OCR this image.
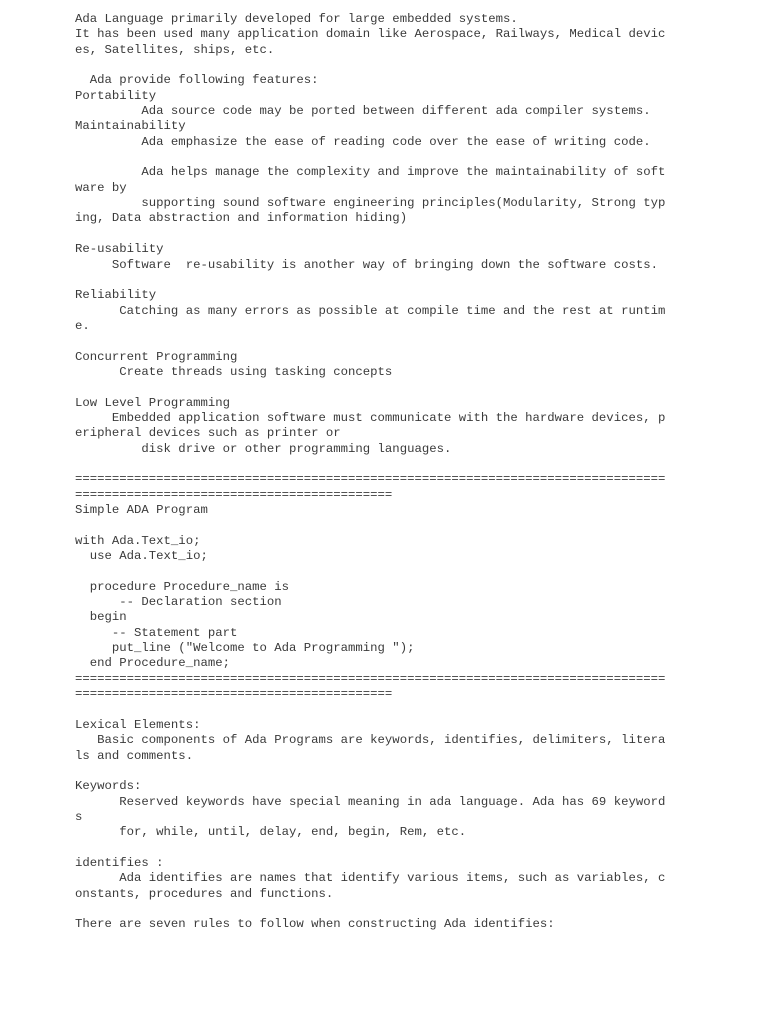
Ada Language primarily developed for large embedded systems.
It has been used many application domain like Aerospace, Railways, Medical devic
es, Satellites, ships, etc.
Ada provide following features:
Portability
Ada source code may be ported between different ada compiler systems.
Maintainability
Ada emphasize the ease of reading code over the ease of writing code.
Ada helps manage the complexity and improve the maintainability of soft
ware by
supporting sound software engineering principles(Modularity, Strong typ
ing, Data abstraction and information hiding)
Re-usability
Software  re-usability is another way of bringing down the software costs.
Reliability
Catching as many errors as possible at compile time and the rest at runtim
e.
Concurrent Programming
Create threads using tasking concepts
Low Level Programming
Embedded application software must communicate with the hardware devices, p
eripheral devices such as printer or
disk drive or other programming languages.
================================================================================
===========================================
Simple ADA Program
with Ada.Text_io;
use Ada.Text_io;
procedure Procedure_name is
-- Declaration section
begin
-- Statement part
put_line ("Welcome to Ada Programming ");
end Procedure_name;
================================================================================
===========================================
Lexical Elements:
Basic components of Ada Programs are keywords, identifies, delimiters, litera
ls and comments.
Keywords:
Reserved keywords have special meaning in ada language. Ada has 69 keyword
s
for, while, until, delay, end, begin, Rem, etc.
identifies :
Ada identifies are names that identify various items, such as variables, c
onstants, procedures and functions.
There are seven rules to follow when constructing Ada identifies:
